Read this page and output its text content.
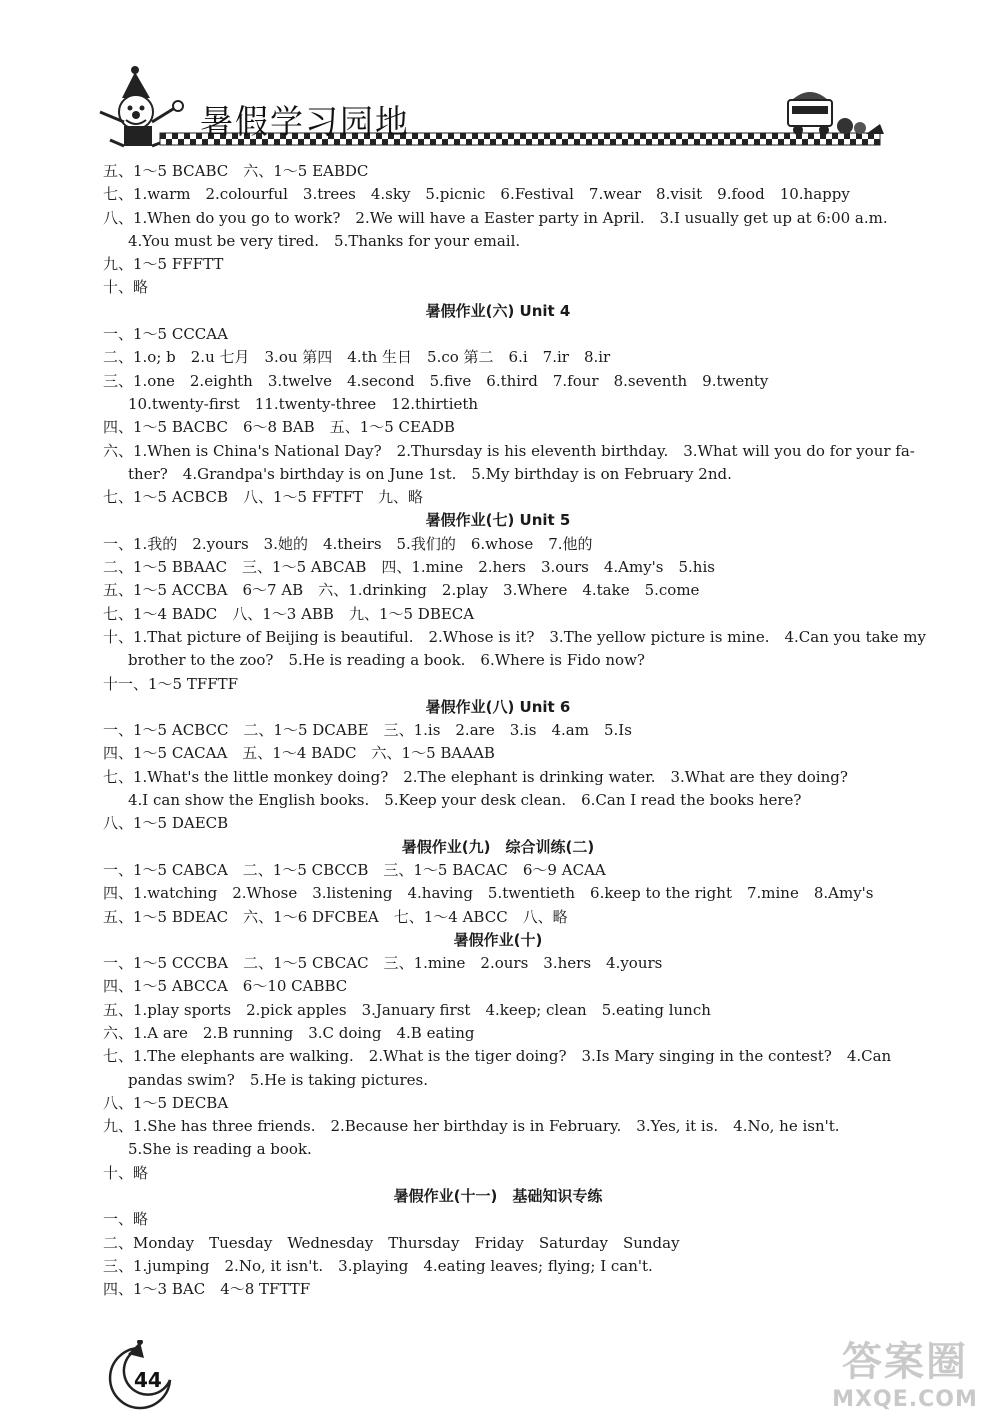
暑假学习园地
五、1～5 BCABC　六、1～5 EABDC
七、1.warm　2.colourful　3.trees　4.sky　5.picnic　6.Festival　7.wear　8.visit　9.food　10.happy
八、1.When do you go to work?　2.We will have a Easter party in April.　3.I usually get up at 6:00 a.m.
4.You must be very tired.　5.Thanks for your email.
九、1～5 FFFTT
十、略
暑假作业(六) Unit 4
一、1～5 CCCAA
二、1.o; b　2.u 七月　3.ou 第四　4.th 生日　5.co 第二　6.i　7.ir　8.ir
三、1.one　2.eighth　3.twelve　4.second　5.five　6.third　7.four　8.seventh　9.twenty
10.twenty-first　11.twenty-three　12.thirtieth
四、1～5 BACBC　6～8 BAB　五、1～5 CEADB
六、1.When is China's National Day?　2.Thursday is his eleventh birthday.　3.What will you do for your fa-
ther?　4.Grandpa's birthday is on June 1st.　5.My birthday is on February 2nd.
七、1～5 ACBCB　八、1～5 FFTFT　九、略
暑假作业(七) Unit 5
一、1.我的　2.yours　3.她的　4.theirs　5.我们的　6.whose　7.他的
二、1～5 BBAAC　三、1～5 ABCAB　四、1.mine　2.hers　3.ours　4.Amy's　5.his
五、1～5 ACCBA　6～7 AB　六、1.drinking　2.play　3.Where　4.take　5.come
七、1～4 BADC　八、1～3 ABB　九、1～5 DBECA
十、1.That picture of Beijing is beautiful.　2.Whose is it?　3.The yellow picture is mine.　4.Can you take my
brother to the zoo?　5.He is reading a book.　6.Where is Fido now?
十一、1～5 TFFTF
暑假作业(八) Unit 6
一、1～5 ACBCC　二、1～5 DCABE　三、1.is　2.are　3.is　4.am　5.Is
四、1～5 CACAA　五、1～4 BADC　六、1～5 BAAAB
七、1.What's the little monkey doing?　2.The elephant is drinking water.　3.What are they doing?
4.I can show the English books.　5.Keep your desk clean.　6.Can I read the books here?
八、1～5 DAECB
暑假作业(九)　综合训练(二)
一、1～5 CABCA　二、1～5 CBCCB　三、1～5 BACAC　6～9 ACAA
四、1.watching　2.Whose　3.listening　4.having　5.twentieth　6.keep to the right　7.mine　8.Amy's
五、1～5 BDEAC　六、1～6 DFCBEA　七、1～4 ABCC　八、略
暑假作业(十)
一、1～5 CCCBA　二、1～5 CBCAC　三、1.mine　2.ours　3.hers　4.yours
四、1～5 ABCCA　6～10 CABBC
五、1.play sports　2.pick apples　3.January first　4.keep; clean　5.eating lunch
六、1.A are　2.B running　3.C doing　4.B eating
七、1.The elephants are walking.　2.What is the tiger doing?　3.Is Mary singing in the contest?　4.Can
pandas swim?　5.He is taking pictures.
八、1～5 DECBA
九、1.She has three friends.　2.Because her birthday is in February.　3.Yes, it is.　4.No, he isn't.
5.She is reading a book.
十、略
暑假作业(十一)　基础知识专练
一、略
二、Monday　Tuesday　Wednesday　Thursday　Friday　Saturday　Sunday
三、1.jumping　2.No, it isn't.　3.playing　4.eating leaves; flying; I can't.
四、1～3 BAC　4～8 TFTTF
44	答案圈
MXQE.COM
